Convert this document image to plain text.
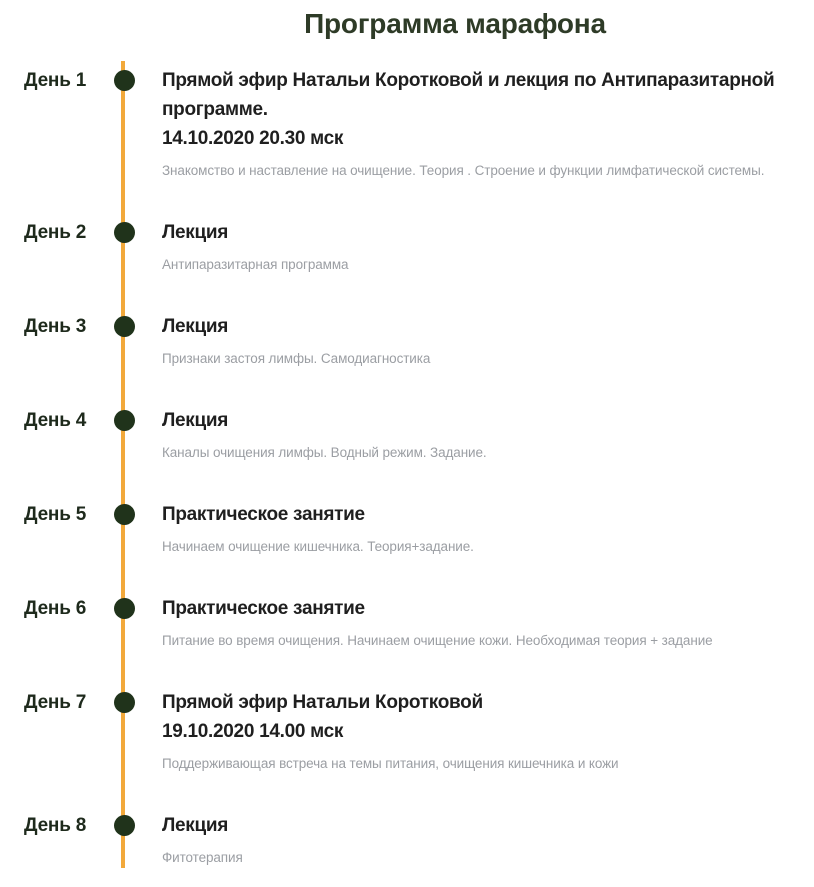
Программа марафона
День 1	Прямой эфир Натальи Коротковой и лекция по Антипаразитарной программе.
14.10.2020 20.30 мск
Знакомство и наставление на очищение. Теория . Строение и функции лимфатической системы.
День 2	Лекция
Антипаразитарная программа
День 3	Лекция
Признаки застоя лимфы. Самодиагностика
День 4	Лекция
Каналы очищения лимфы. Водный режим. Задание.
День 5	Практическое занятие
Начинаем очищение кишечника. Теория+задание.
День 6	Практическое занятие
Питание во время очищения. Начинаем очищение кожи. Необходимая теория + задание
День 7	Прямой эфир Натальи Коротковой
19.10.2020 14.00 мск
Поддерживающая встреча на темы питания, очищения кишечника и кожи
День 8	Лекция
Фитотерапия
